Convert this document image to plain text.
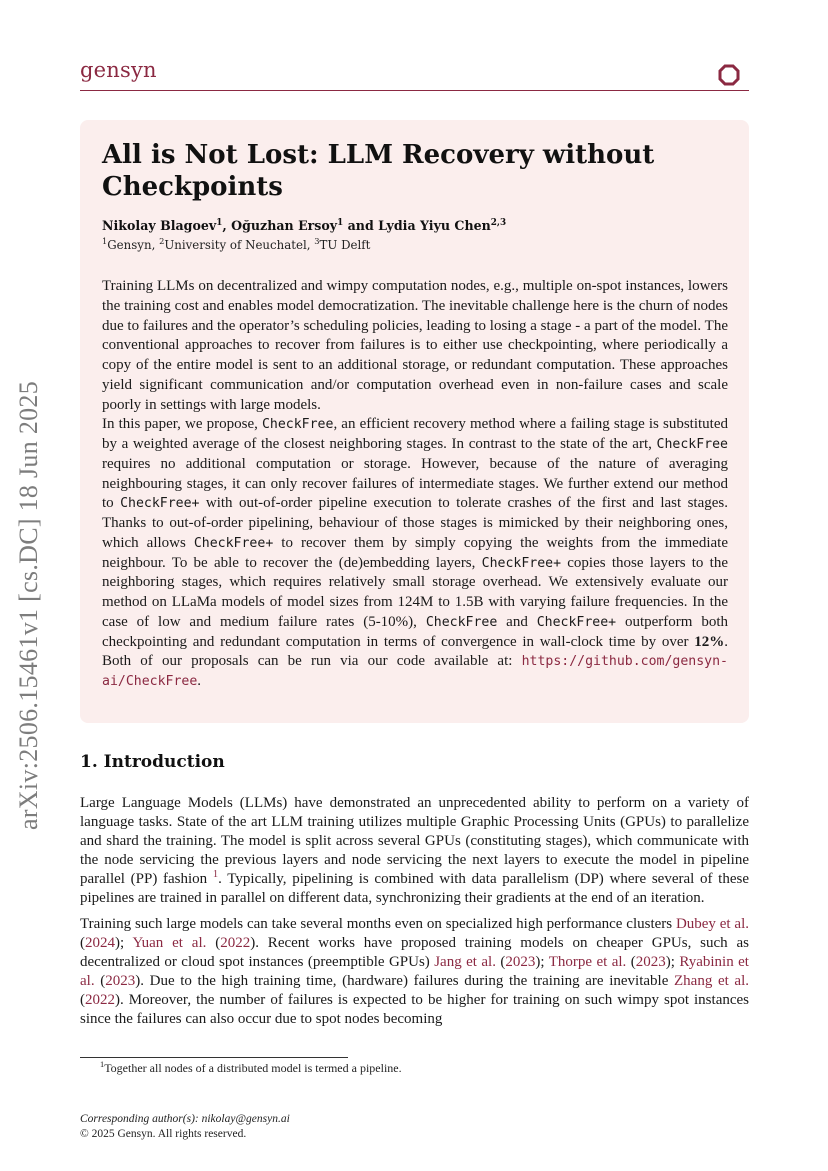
gensyn
arXiv:2506.15461v1 [cs.DC] 18 Jun 2025
All is Not Lost: LLM Recovery without Checkpoints
Nikolay Blagoev$^1$, Oğuzhan Ersoy$^1$ and Lydia Yiyu Chen$^{2,3}$
$^1$Gensyn, $^2$University of Neuchatel, $^3$TU Delft

Training LLMs on decentralized and wimpy computation nodes, e.g., multiple on-spot instances, lowers the training cost and enables model democratization. The inevitable challenge here is the churn of nodes due to failures and the operator’s scheduling policies, leading to losing a stage - a part of the model. The conventional approaches to recover from failures is to either use checkpointing, where periodically a copy of the entire model is sent to an additional storage, or redundant computation. These approaches yield significant communication and/or computation overhead even in non-failure cases and scale poorly in settings with large models.

In this paper, we propose, CheckFree, an efficient recovery method where a failing stage is substituted by a weighted average of the closest neighboring stages. In contrast to the state of the art, CheckFree requires no additional computation or storage. However, because of the nature of averaging neighbouring stages, it can only recover failures of intermediate stages. We further extend our method to CheckFree+ with out-of-order pipeline execution to tolerate crashes of the first and last stages. Thanks to out-of-order pipelining, behaviour of those stages is mimicked by their neighboring ones, which allows CheckFree+ to recover them by simply copying the weights from the immediate neighbour. To be able to recover the (de)embedding layers, CheckFree+ copies those layers to the neighboring stages, which requires relatively small storage overhead. We extensively evaluate our method on LLaMa models of model sizes from 124M to 1.5B with varying failure frequencies. In the case of low and medium failure rates (5-10%), CheckFree and CheckFree+ outperform both checkpointing and redundant computation in terms of convergence in wall-clock time by over 12%. Both of our proposals can be run via our code available at: https://github.com/gensyn-ai/CheckFree.

1. Introduction

Large Language Models (LLMs) have demonstrated an unprecedented ability to perform on a variety of language tasks. State of the art LLM training utilizes multiple Graphic Processing Units (GPUs) to parallelize and shard the training. The model is split across several GPUs (constituting stages), which communicate with the node servicing the previous layers and node servicing the next layers to execute the model in pipeline parallel (PP) fashion $^1$. Typically, pipelining is combined with data parallelism (DP) where several of these pipelines are trained in parallel on different data, synchronizing their gradients at the end of an iteration.

Training such large models can take several months even on specialized high performance clusters Dubey et al. (2024); Yuan et al. (2022). Recent works have proposed training models on cheaper GPUs, such as decentralized or cloud spot instances (preemptible GPUs) Jang et al. (2023); Thorpe et al. (2023); Ryabinin et al. (2023). Due to the high training time, (hardware) failures during the training are inevitable Zhang et al. (2022). Moreover, the number of failures is expected to be higher for training on such wimpy spot instances since the failures can also occur due to spot nodes becoming

$^1$Together all nodes of a distributed model is termed a pipeline.
Corresponding author(s): nikolay@gensyn.ai
© 2025 Gensyn. All rights reserved.
